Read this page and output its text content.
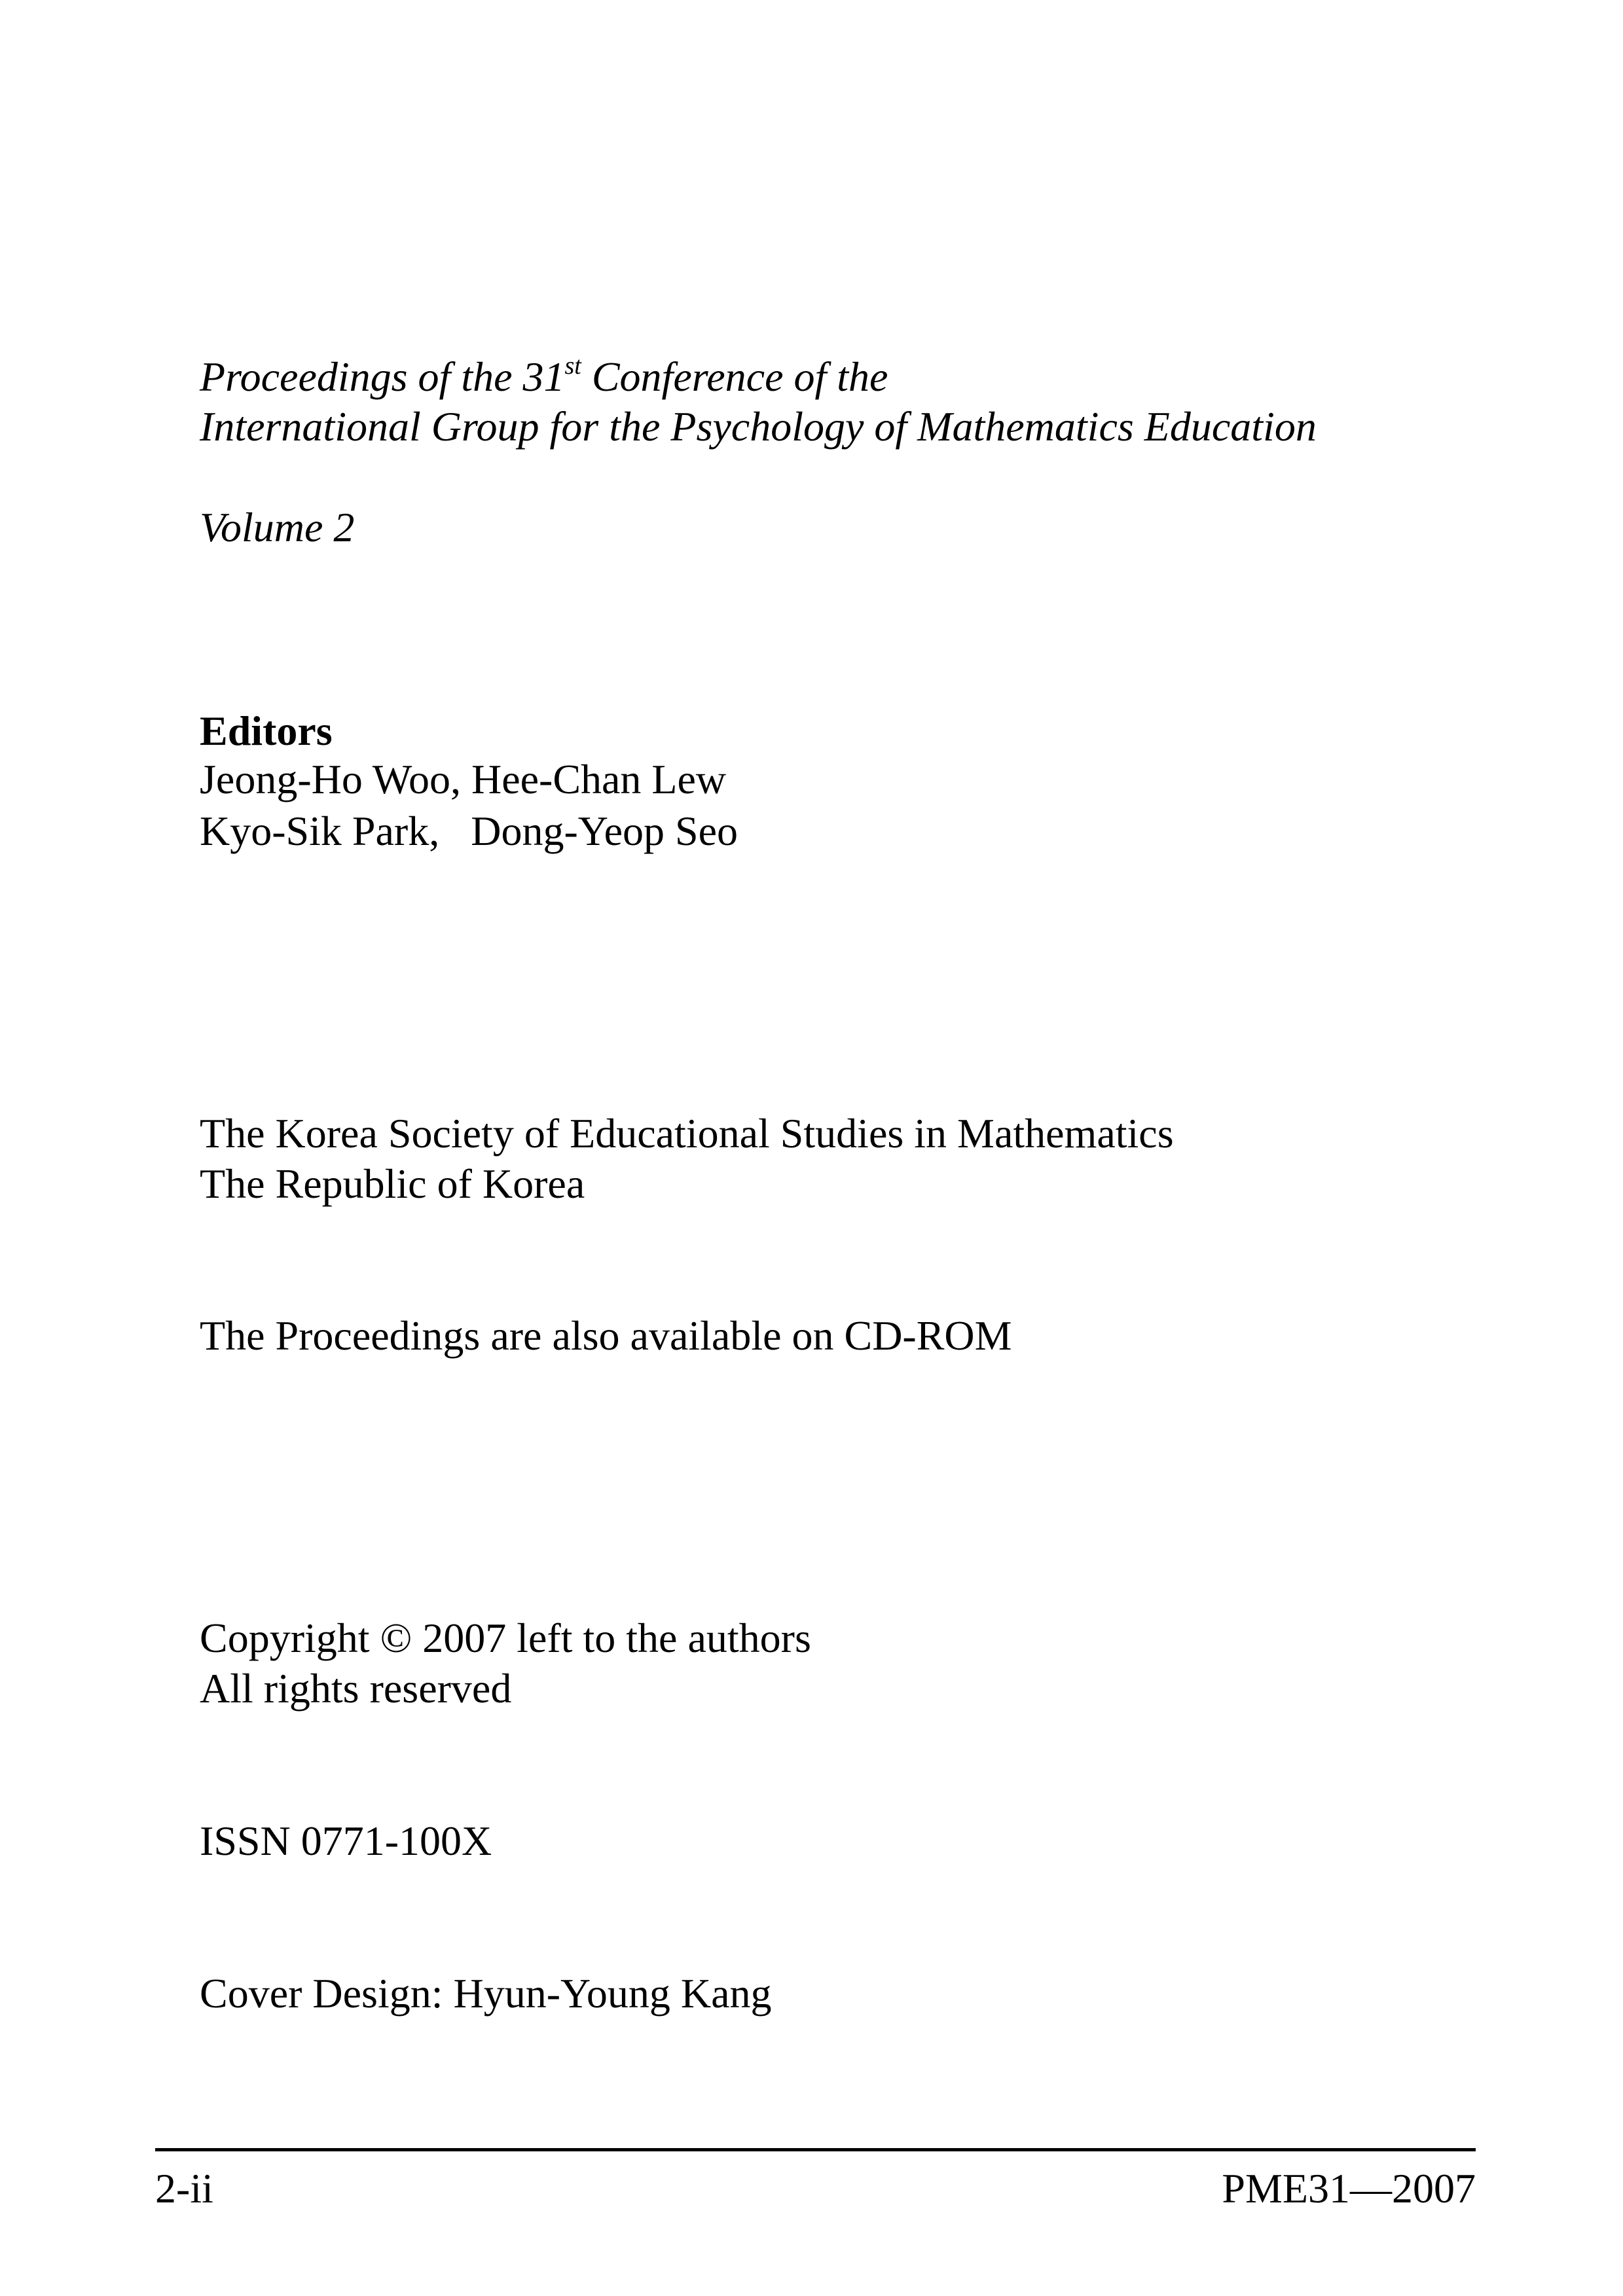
Proceedings of the 31st Conference of the
International Group for the Psychology of Mathematics Education
Volume 2
Editors
Jeong-Ho Woo, Hee-Chan Lew
Kyo-Sik Park,   Dong-Yeop Seo
The Korea Society of Educational Studies in Mathematics
The Republic of Korea
The Proceedings are also available on CD-ROM
Copyright © 2007 left to the authors
All rights reserved
ISSN 0771-100X
Cover Design: Hyun-Young Kang
2-ii	PME31—2007
